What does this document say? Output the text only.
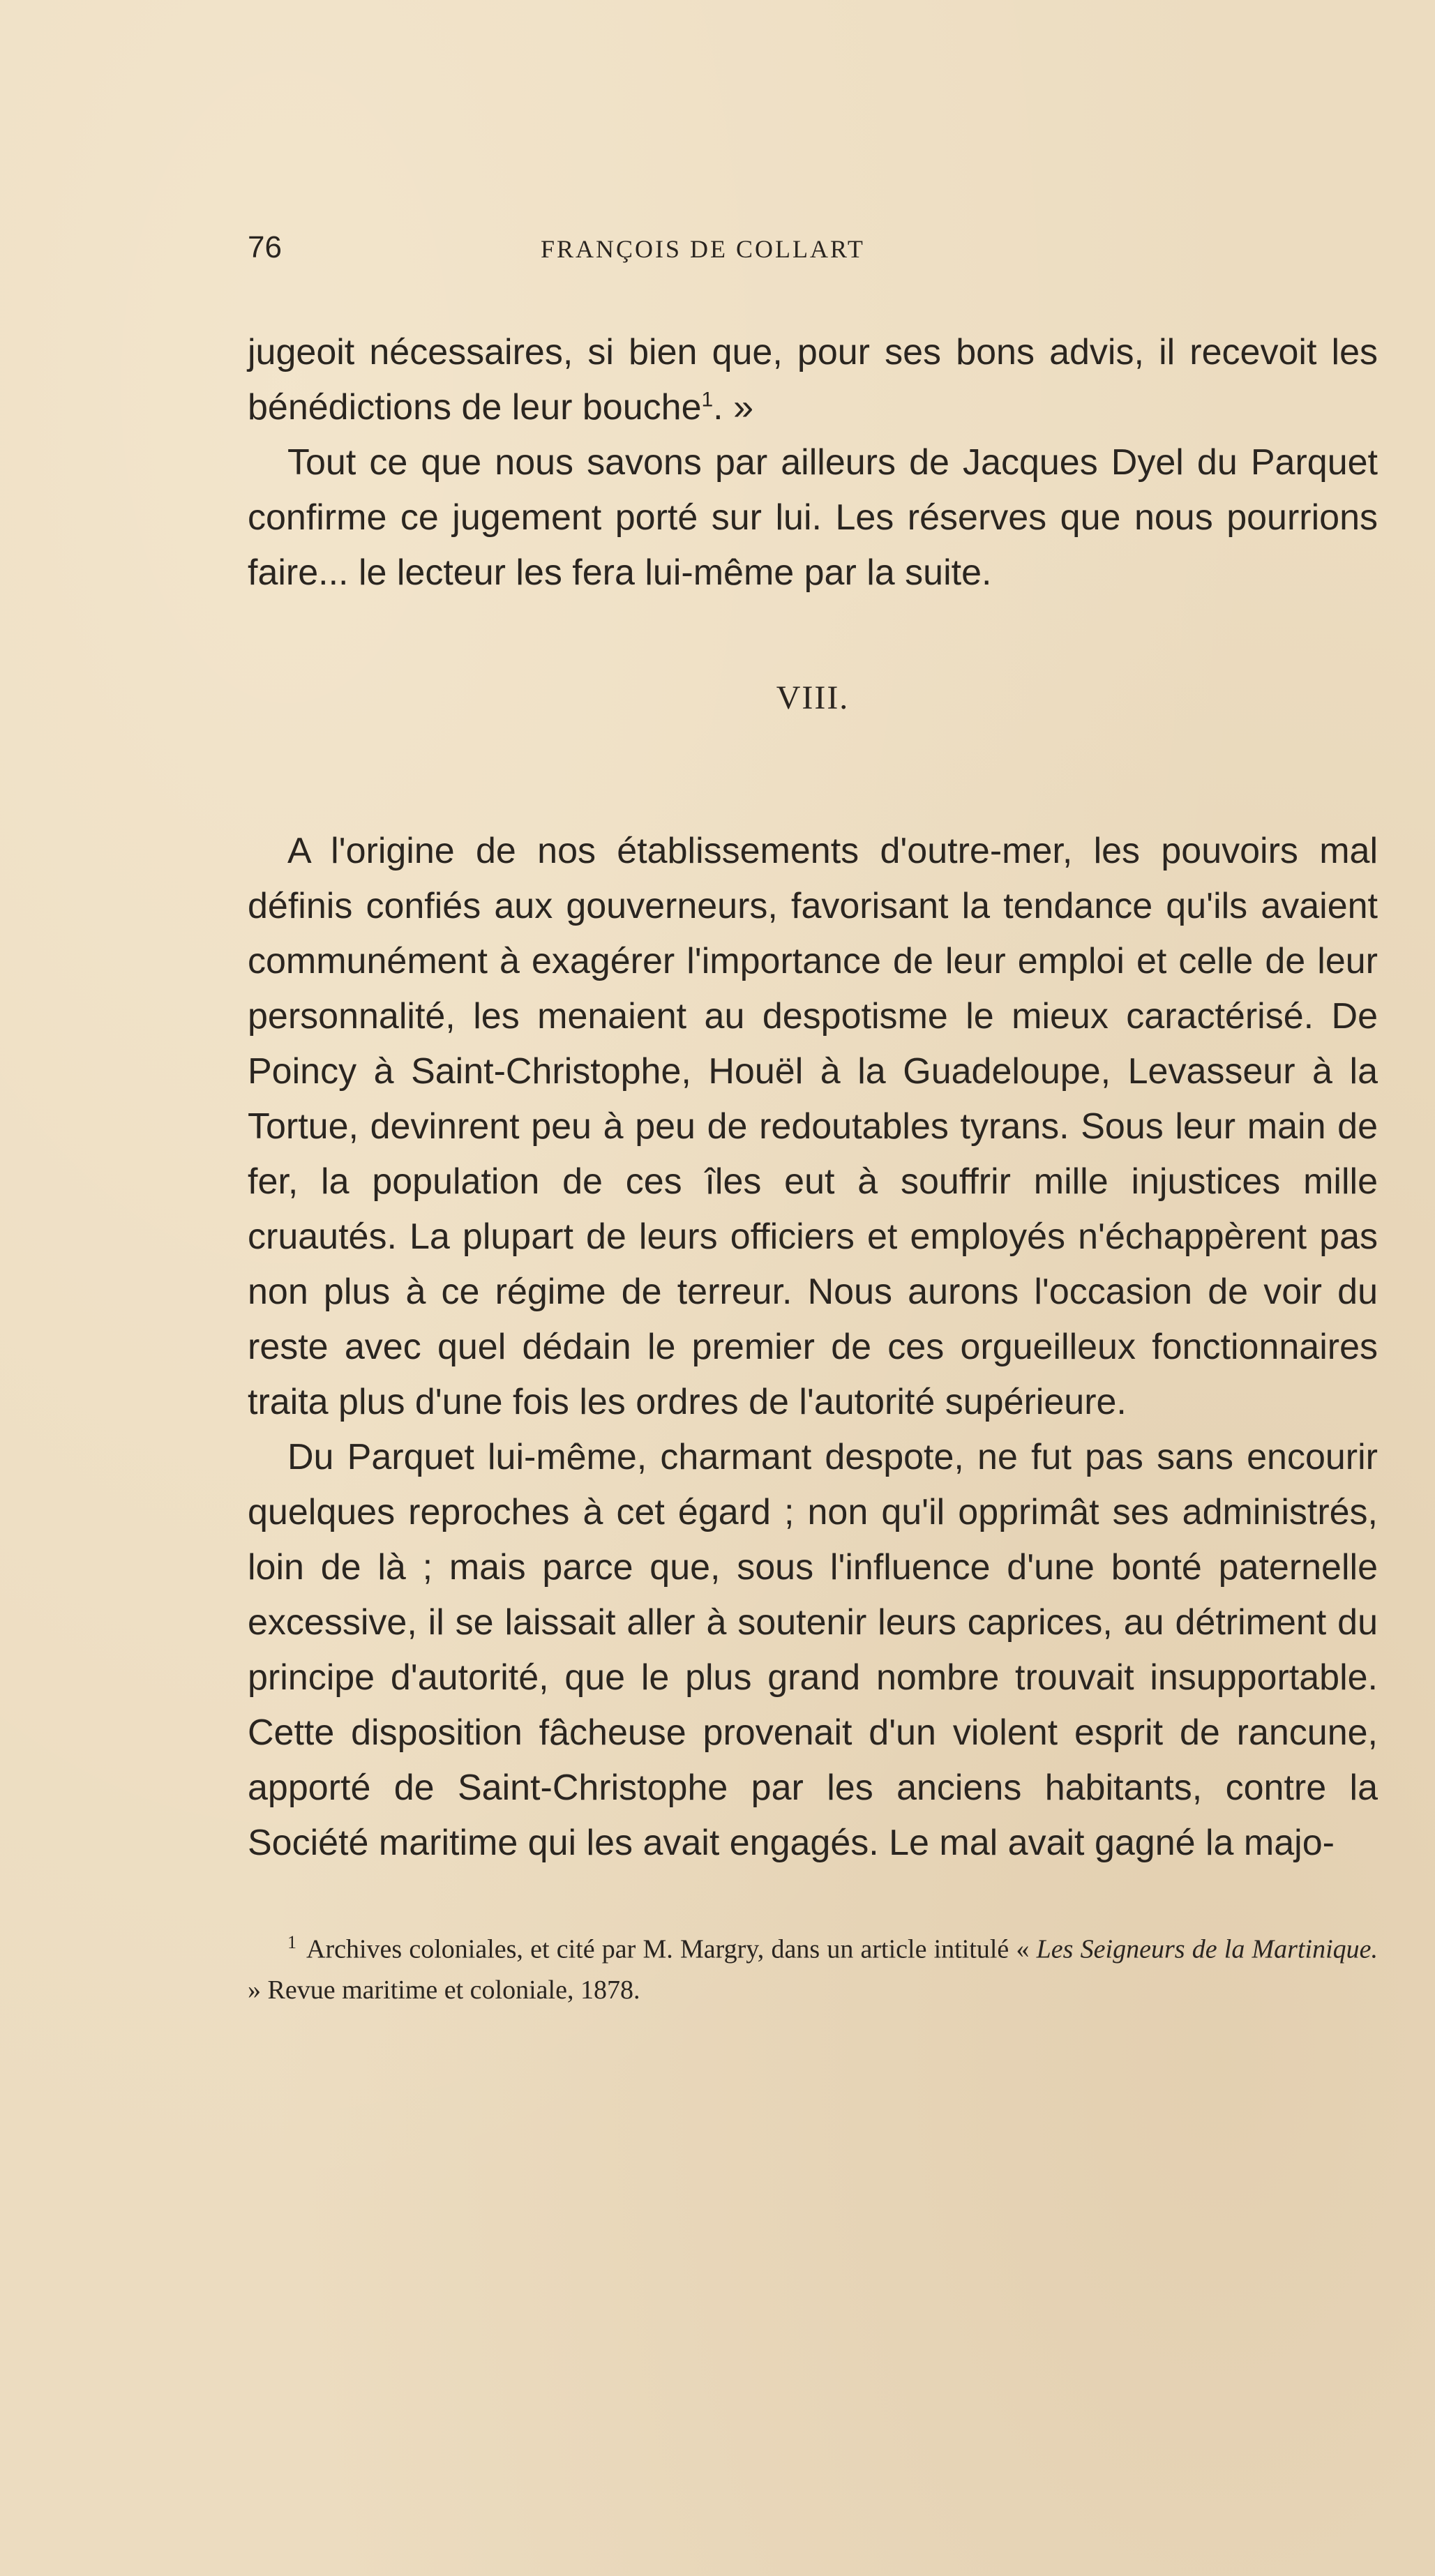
76	FRANÇOIS DE COLLART

jugeoit nécessaires, si bien que, pour ses bons advis, il recevoit les bénédictions de leur bouche$^1$. »

Tout ce que nous savons par ailleurs de Jacques Dyel du Parquet confirme ce jugement porté sur lui. Les réserves que nous pourrions faire... le lecteur les fera lui-même par la suite.

VIII.

A l'origine de nos établissements d'outre-mer, les pouvoirs mal définis confiés aux gouverneurs, favorisant la tendance qu'ils avaient communément à exagérer l'importance de leur emploi et celle de leur personnalité, les menaient au despotisme le mieux caractérisé. De Poincy à Saint-Christophe, Houël à la Guadeloupe, Levasseur à la Tortue, devinrent peu à peu de redoutables tyrans. Sous leur main de fer, la population de ces îles eut à souffrir mille injustices mille cruautés. La plupart de leurs officiers et employés n'échappèrent pas non plus à ce régime de terreur. Nous aurons l'occasion de voir du reste avec quel dédain le premier de ces orgueilleux fonctionnaires traita plus d'une fois les ordres de l'autorité supérieure.

Du Parquet lui-même, charmant despote, ne fut pas sans encourir quelques reproches à cet égard ; non qu'il opprimât ses administrés, loin de là ; mais parce que, sous l'influence d'une bonté paternelle excessive, il se laissait aller à soutenir leurs caprices, au détriment du principe d'autorité, que le plus grand nombre trouvait insupportable. Cette disposition fâcheuse provenait d'un violent esprit de rancune, apporté de Saint-Christophe par les anciens habitants, contre la Société maritime qui les avait engagés. Le mal avait gagné la majo-

$^1$ Archives coloniales, et cité par M. Margry, dans un article intitulé « Les Seigneurs de la Martinique. » Revue maritime et coloniale, 1878.
